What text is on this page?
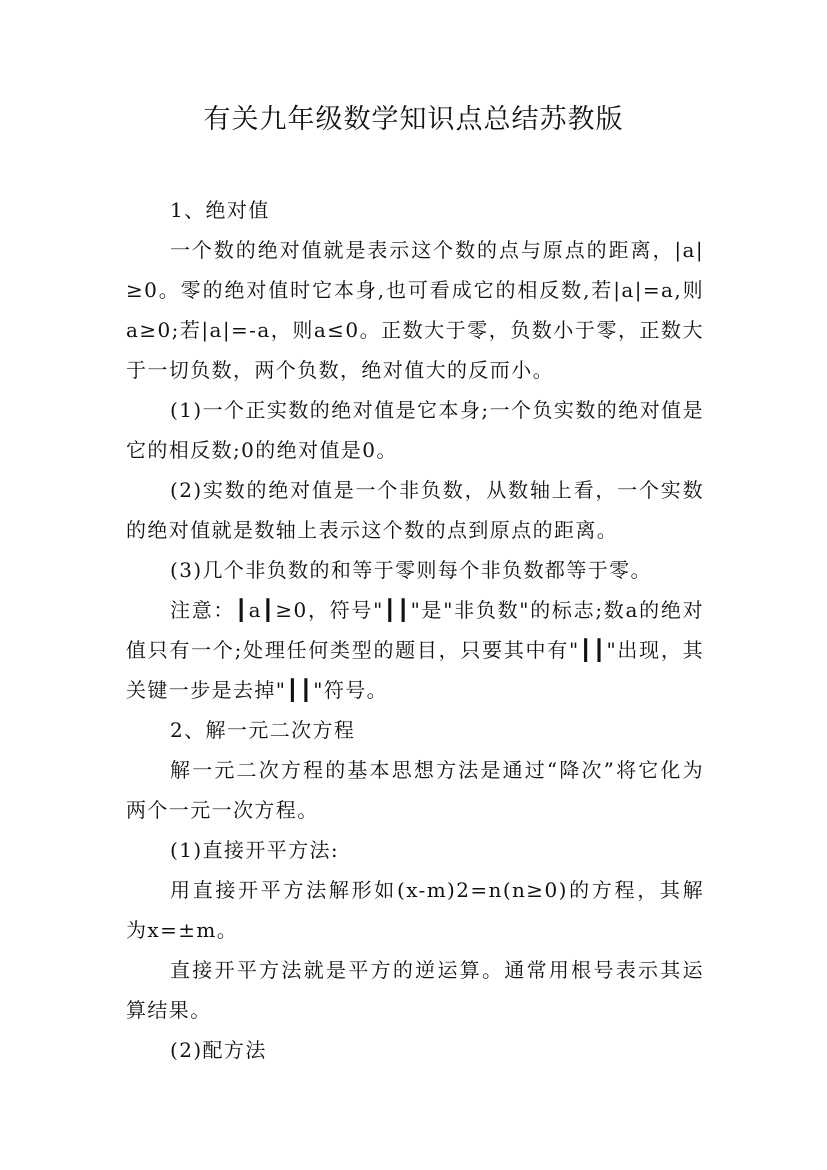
有关九年级数学知识点总结苏教版

1、绝对值

一个数的绝对值就是表示这个数的点与原点的距离，|a|≥0。零的绝对值时它本身,也可看成它的相反数,若|a|=a,则a≥0;若|a|=-a，则a≤0。正数大于零，负数小于零，正数大于一切负数，两个负数，绝对值大的反而小。

(1)一个正实数的绝对值是它本身;一个负实数的绝对值是它的相反数;0的绝对值是0。

(2)实数的绝对值是一个非负数，从数轴上看，一个实数的绝对值就是数轴上表示这个数的点到原点的距离。

(3)几个非负数的和等于零则每个非负数都等于零。

注意：┃a┃≥0，符号"┃┃"是"非负数"的标志;数a的绝对值只有一个;处理任何类型的题目，只要其中有"┃┃"出现，其关键一步是去掉"┃┃"符号。

2、解一元二次方程

解一元二次方程的基本思想方法是通过“降次”将它化为两个一元一次方程。

(1)直接开平方法:

用直接开平方法解形如(x-m)2=n(n≥0)的方程，其解为x=±m。

直接开平方法就是平方的逆运算。通常用根号表示其运算结果。

(2)配方法
